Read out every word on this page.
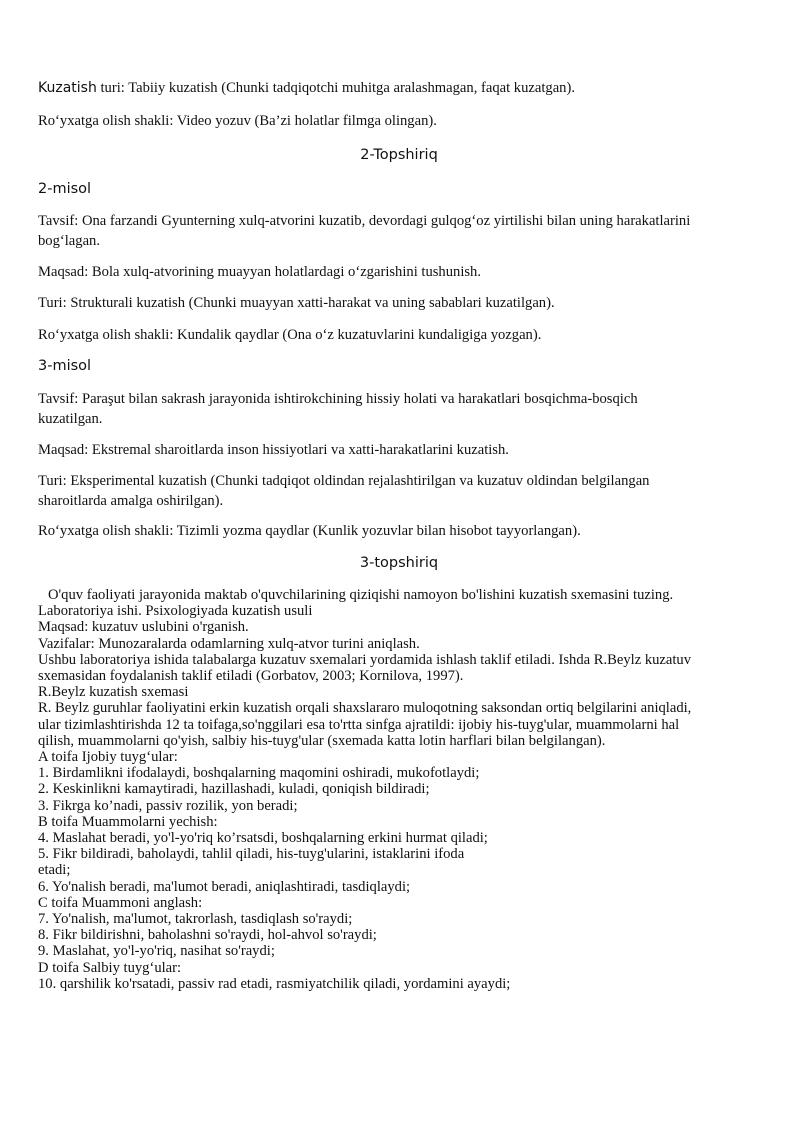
Kuzatish turi: Tabiiy kuzatish (Chunki tadqiqotchi muhitga aralashmagan, faqat kuzatgan).

Ro‘yxatga olish shakli: Video yozuv (Ba’zi holatlar filmga olingan).

2-Topshiriq

2-misol

Tavsif: Ona farzandi Gyunterning xulq-atvorini kuzatib, devordagi gulqog‘oz yirtilishi bilan uning harakatlarini

bog‘lagan.

Maqsad: Bola xulq-atvorining muayyan holatlardagi o‘zgarishini tushunish.

Turi: Strukturali kuzatish (Chunki muayyan xatti-harakat va uning sabablari kuzatilgan).

Ro‘yxatga olish shakli: Kundalik qaydlar (Ona o‘z kuzatuvlarini kundaligiga yozgan).

3-misol

Tavsif: Paraşut bilan sakrash jarayonida ishtirokchining hissiy holati va harakatlari bosqichma-bosqich

kuzatilgan.

Maqsad: Ekstremal sharoitlarda inson hissiyotlari va xatti-harakatlarini kuzatish.

Turi: Eksperimental kuzatish (Chunki tadqiqot oldindan rejalashtirilgan va kuzatuv oldindan belgilangan

sharoitlarda amalga oshirilgan).

Ro‘yxatga olish shakli: Tizimli yozma qaydlar (Kunlik yozuvlar bilan hisobot tayyorlangan).

3-topshiriq

O'quv faoliyati jarayonida maktab o'quvchilarining qiziqishi namoyon bo'lishini kuzatish sxemasini tuzing.
Laboratoriya ishi. Psixologiyada kuzatish usuli
Maqsad: kuzatuv uslubini o'rganish.
Vazifalar: Munozaralarda odamlarning xulq-atvor turini aniqlash.
Ushbu laboratoriya ishida talabalarga kuzatuv sxemalari yordamida ishlash taklif etiladi. Ishda R.Beylz kuzatuv
sxemasidan foydalanish taklif etiladi (Gorbatov, 2003; Kornilova, 1997).
R.Beylz kuzatish sxemasi
R. Beylz guruhlar faoliyatini erkin kuzatish orqali shaxslararo muloqotning saksondan ortiq belgilarini aniqladi,
ular tizimlashtirishda 12 ta toifaga,so'nggilari esa to'rtta sinfga ajratildi: ijobiy his-tuyg'ular, muammolarni hal
qilish, muammolarni qo'yish, salbiy his-tuyg'ular (sxemada katta lotin harflari bilan belgilangan).
A toifa Ijobiy tuyg‘ular:
1. Birdamlikni ifodalaydi, boshqalarning maqomini oshiradi, mukofotlaydi;
2. Keskinlikni kamaytiradi, hazillashadi, kuladi, qoniqish bildiradi;
3. Fikrga ko’nadi, passiv rozilik, yon beradi;
B toifa Muammolarni yechish:
4. Maslahat beradi, yo'l-yo'riq ko’rsatsdi, boshqalarning erkini hurmat qiladi;
5. Fikr bildiradi, baholaydi, tahlil qiladi, his-tuyg'ularini, istaklarini ifoda
etadi;
6. Yo'nalish beradi, ma'lumot beradi, aniqlashtiradi, tasdiqlaydi;
C toifa Muammoni anglash:
7. Yo'nalish, ma'lumot, takrorlash, tasdiqlash so'raydi;
8. Fikr bildirishni, baholashni so'raydi, hol-ahvol so'raydi;
9. Maslahat, yo'l-yo'riq, nasihat so'raydi;
D toifa Salbiy tuyg‘ular:
10. qarshilik ko'rsatadi, passiv rad etadi, rasmiyatchilik qiladi, yordamini ayaydi;
